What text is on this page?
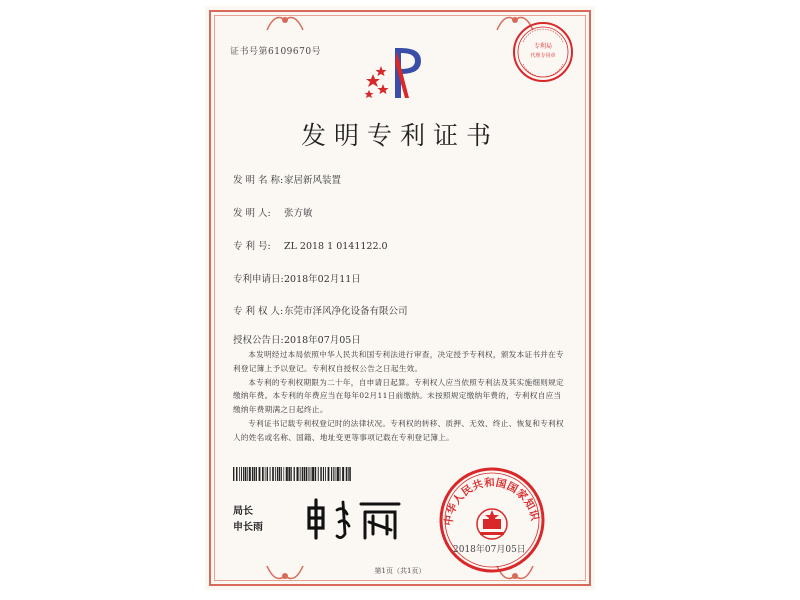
证书号第6109670号
专利局
代理专用章
发明专利证书
发 明 名 称:家居新风装置
发 明 人: 张方敏
专 利 号: ZL 2018 1 0141122.0
专利申请日:2018年02月11日
专 利 权 人:东莞市泽风净化设备有限公司
授权公告日:2018年07月05日

本发明经过本局依照中华人民共和国专利法进行审查，决定授予专利权，颁发本证书并在专利登记簿上予以登记。专利权自授权公告之日起生效。

本专利的专利权期限为二十年，自申请日起算。专利权人应当依照专利法及其实施细则规定缴纳年费。本专利的年费应当在每年02月11日前缴纳。未按照规定缴纳年费的，专利权自应当缴纳年费期满之日起终止。

专利证书记载专利权登记时的法律状况。专利权的转移、质押、无效、终止、恢复和专利权人的姓名或名称、国籍、地址变更等事项记载在专利登记簿上。

局长
申长雨
中华人民共和国国家知识
2018年07月05日
第1页（共1页）
